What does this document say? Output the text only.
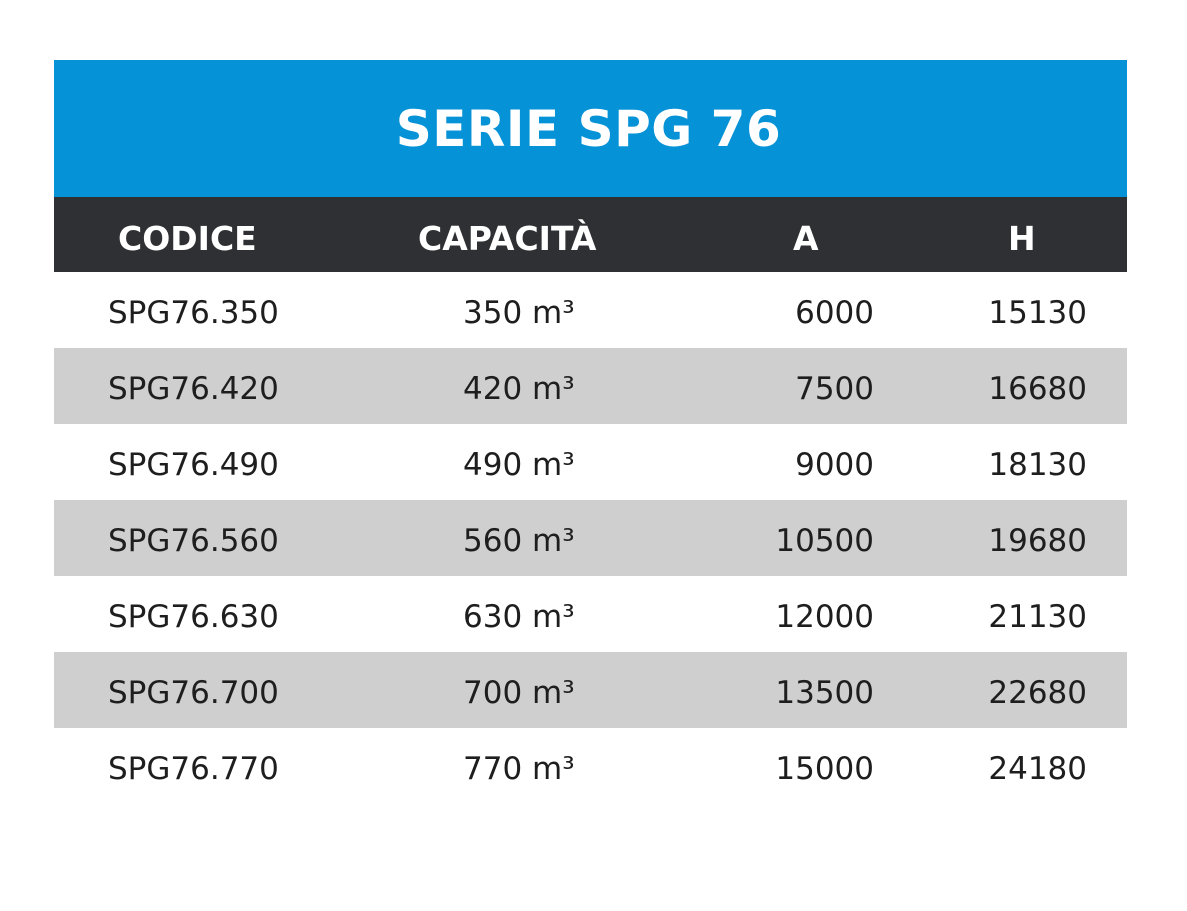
SERIE SPG 76
CODICE	CAPACITÀ	A	H
SPG76.350	350 m³	6000	15130
SPG76.420	420 m³	7500	16680
SPG76.490	490 m³	9000	18130
SPG76.560	560 m³	10500	19680
SPG76.630	630 m³	12000	21130
SPG76.700	700 m³	13500	22680
SPG76.770	770 m³	15000	24180
